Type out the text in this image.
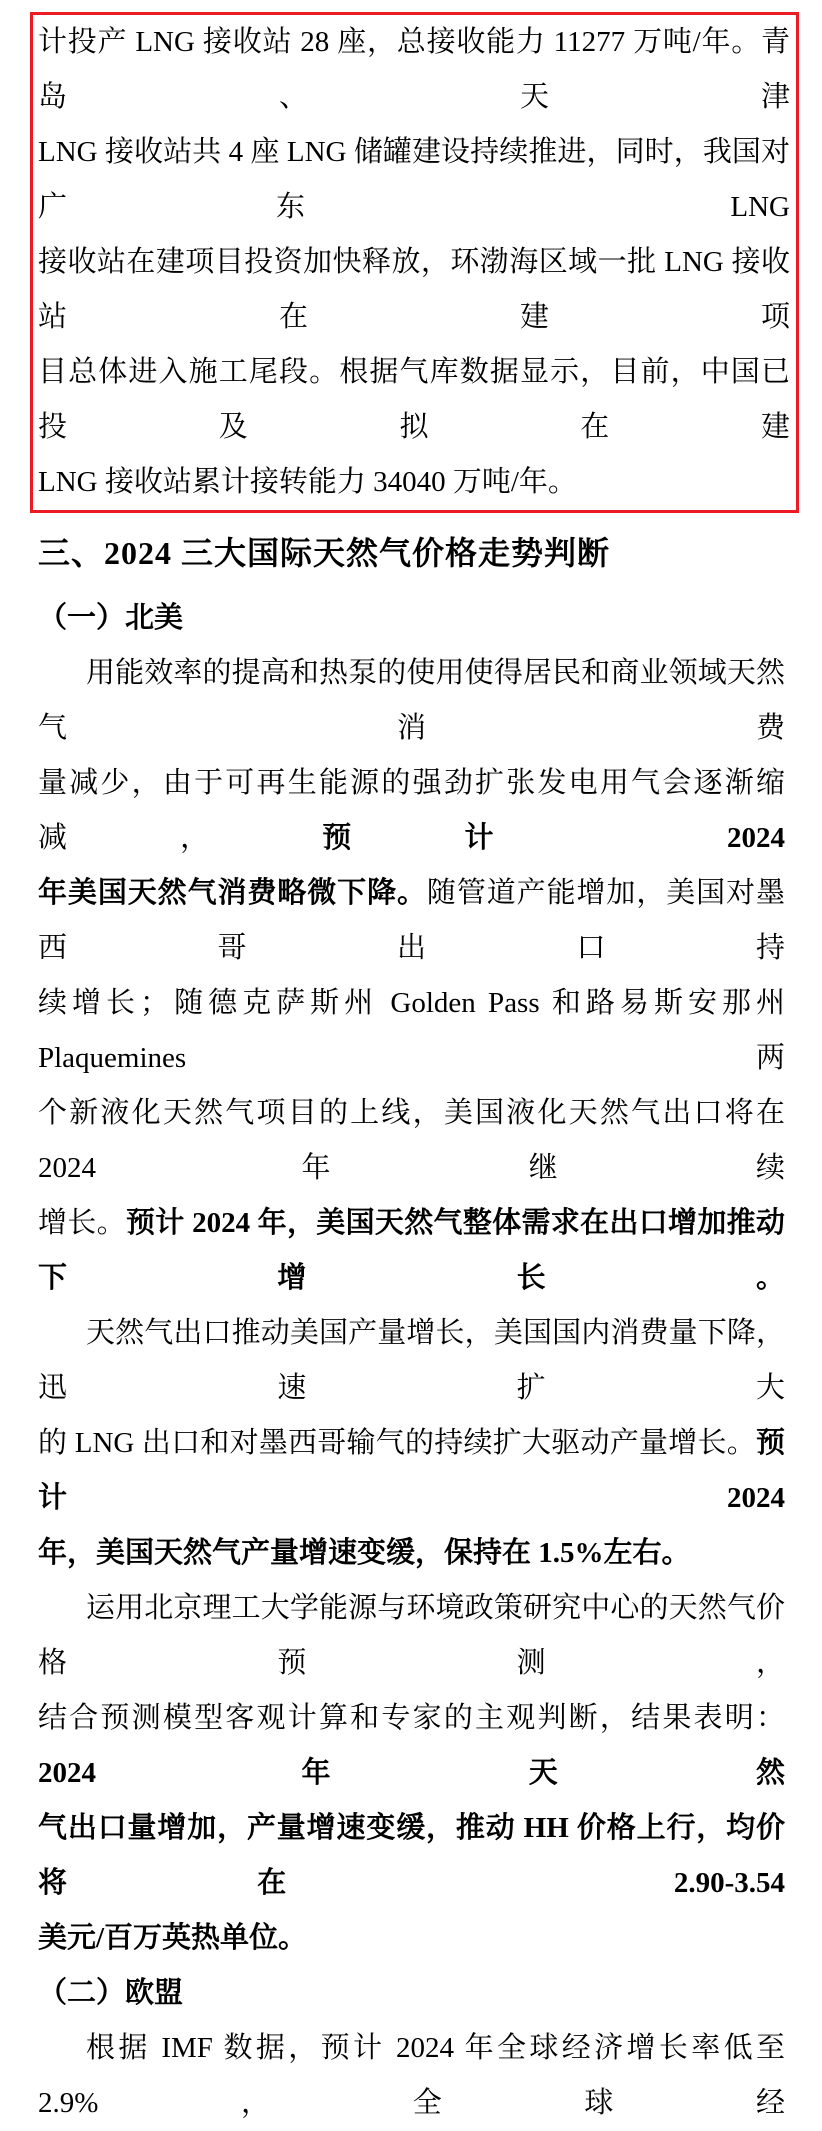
计投产 LNG 接收站 28 座，总接收能力 11277 万吨/年。青岛、天津
LNG 接收站共 4 座 LNG 储罐建设持续推进，同时，我国对广东 LNG
接收站在建项目投资加快释放，环渤海区域一批 LNG 接收站在建项
目总体进入施工尾段。根据气库数据显示，目前，中国已投及拟在建
LNG 接收站累计接转能力 34040 万吨/年。
三、2024 三大国际天然气价格走势判断
（一）北美
用能效率的提高和热泵的使用使得居民和商业领域天然气消费
量减少，由于可再生能源的强劲扩张发电用气会逐渐缩减，预计 2024
年美国天然气消费略微下降。随管道产能增加，美国对墨西哥出口持
续增长；随德克萨斯州 Golden Pass 和路易斯安那州 Plaquemines 两
个新液化天然气项目的上线，美国液化天然气出口将在 2024 年继续
增长。预计 2024 年，美国天然气整体需求在出口增加推动下增长。
天然气出口推动美国产量增长，美国国内消费量下降，迅速扩大
的 LNG 出口和对墨西哥输气的持续扩大驱动产量增长。预计 2024
年，美国天然气产量增速变缓，保持在 1.5%左右。
运用北京理工大学能源与环境政策研究中心的天然气价格预测，
结合预测模型客观计算和专家的主观判断，结果表明：2024 年天然
气出口量增加，产量增速变缓，推动 HH 价格上行，均价将在 2.90-3.54
美元/百万英热单位。
（二）欧盟
根据 IMF 数据，预计 2024 年全球经济增长率低至 2.9%，全球经
